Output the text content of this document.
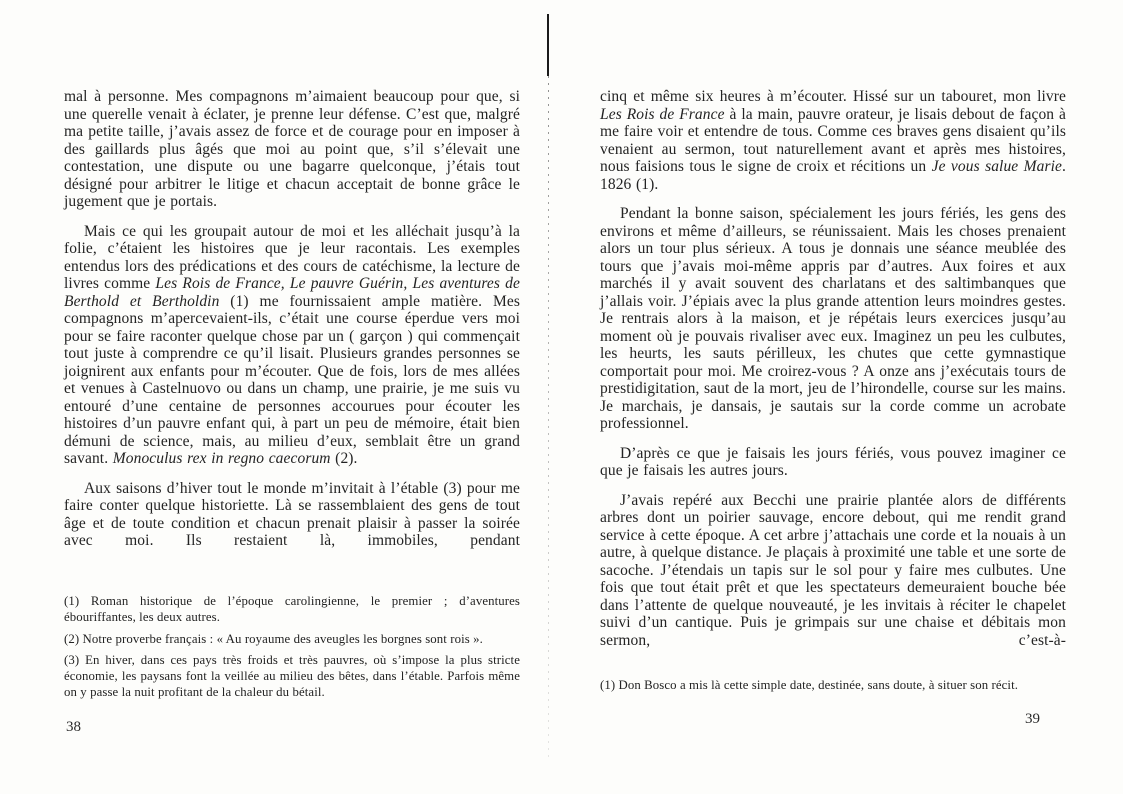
mal à personne. Mes compagnons m’aimaient beaucoup pour que, si une querelle venait à éclater, je prenne leur défense. C’est que, malgré ma petite taille, j’avais assez de force et de courage pour en imposer à des gaillards plus âgés que moi au point que, s’il s’élevait une contestation, une dispute ou une bagarre quelconque, j’étais tout désigné pour arbitrer le litige et chacun acceptait de bonne grâce le jugement que je portais.

Mais ce qui les groupait autour de moi et les alléchait jusqu’à la folie, c’étaient les histoires que je leur racontais. Les exemples entendus lors des prédications et des cours de catéchisme, la lecture de livres comme Les Rois de France, Le pauvre Guérin, Les aventures de Berthold et Bertholdin (1) me fournissaient ample matière. Mes compagnons m’apercevaient-ils, c’était une course éperdue vers moi pour se faire raconter quelque chose par un ( garçon ) qui commençait tout juste à comprendre ce qu’il lisait. Plusieurs grandes personnes se joignirent aux enfants pour m’écouter. Que de fois, lors de mes allées et venues à Castelnuovo ou dans un champ, une prairie, je me suis vu entouré d’une centaine de personnes accourues pour écouter les histoires d’un pauvre enfant qui, à part un peu de mémoire, était bien démuni de science, mais, au milieu d’eux, semblait être un grand savant. Monoculus rex in regno caecorum (2).

Aux saisons d’hiver tout le monde m’invitait à l’étable (3) pour me faire conter quelque historiette. Là se rassemblaient des gens de tout âge et de toute condition et chacun prenait plaisir à passer la soirée avec moi. Ils restaient là, immobiles, pendant

(1) Roman historique de l’époque carolingienne, le premier ; d’aventures ébouriffantes, les deux autres.

(2) Notre proverbe français : « Au royaume des aveugles les borgnes sont rois ».

(3) En hiver, dans ces pays très froids et très pauvres, où s’impose la plus stricte économie, les paysans font la veillée au milieu des bêtes, dans l’étable. Parfois même on y passe la nuit profitant de la chaleur du bétail.

38

cinq et même six heures à m’écouter. Hissé sur un tabouret, mon livre Les Rois de France à la main, pauvre orateur, je lisais debout de façon à me faire voir et entendre de tous. Comme ces braves gens disaient qu’ils venaient au sermon, tout naturellement avant et après mes histoires, nous faisions tous le signe de croix et récitions un Je vous salue Marie. 1826 (1).

Pendant la bonne saison, spécialement les jours fériés, les gens des environs et même d’ailleurs, se réunissaient. Mais les choses prenaient alors un tour plus sérieux. A tous je donnais une séance meublée des tours que j’avais moi-même appris par d’autres. Aux foires et aux marchés il y avait souvent des charlatans et des saltimbanques que j’allais voir. J’épiais avec la plus grande attention leurs moindres gestes. Je rentrais alors à la maison, et je répétais leurs exercices jusqu’au moment où je pouvais rivaliser avec eux. Imaginez un peu les culbutes, les heurts, les sauts périlleux, les chutes que cette gymnastique comportait pour moi. Me croirez-vous ? A onze ans j’exécutais tours de prestidigitation, saut de la mort, jeu de l’hirondelle, course sur les mains. Je marchais, je dansais, je sautais sur la corde comme un acrobate professionnel.

D’après ce que je faisais les jours fériés, vous pouvez imaginer ce que je faisais les autres jours.

J’avais repéré aux Becchi une prairie plantée alors de différents arbres dont un poirier sauvage, encore debout, qui me rendit grand service à cette époque. A cet arbre j’attachais une corde et la nouais à un autre, à quelque distance. Je plaçais à proximité une table et une sorte de sacoche. J’étendais un tapis sur le sol pour y faire mes culbutes. Une fois que tout était prêt et que les spectateurs demeuraient bouche bée dans l’attente de quelque nouveauté, je les invitais à réciter le chapelet suivi d’un cantique. Puis je grimpais sur une chaise et débitais mon sermon, c’est-à-

(1) Don Bosco a mis là cette simple date, destinée, sans doute, à situer son récit.

39
